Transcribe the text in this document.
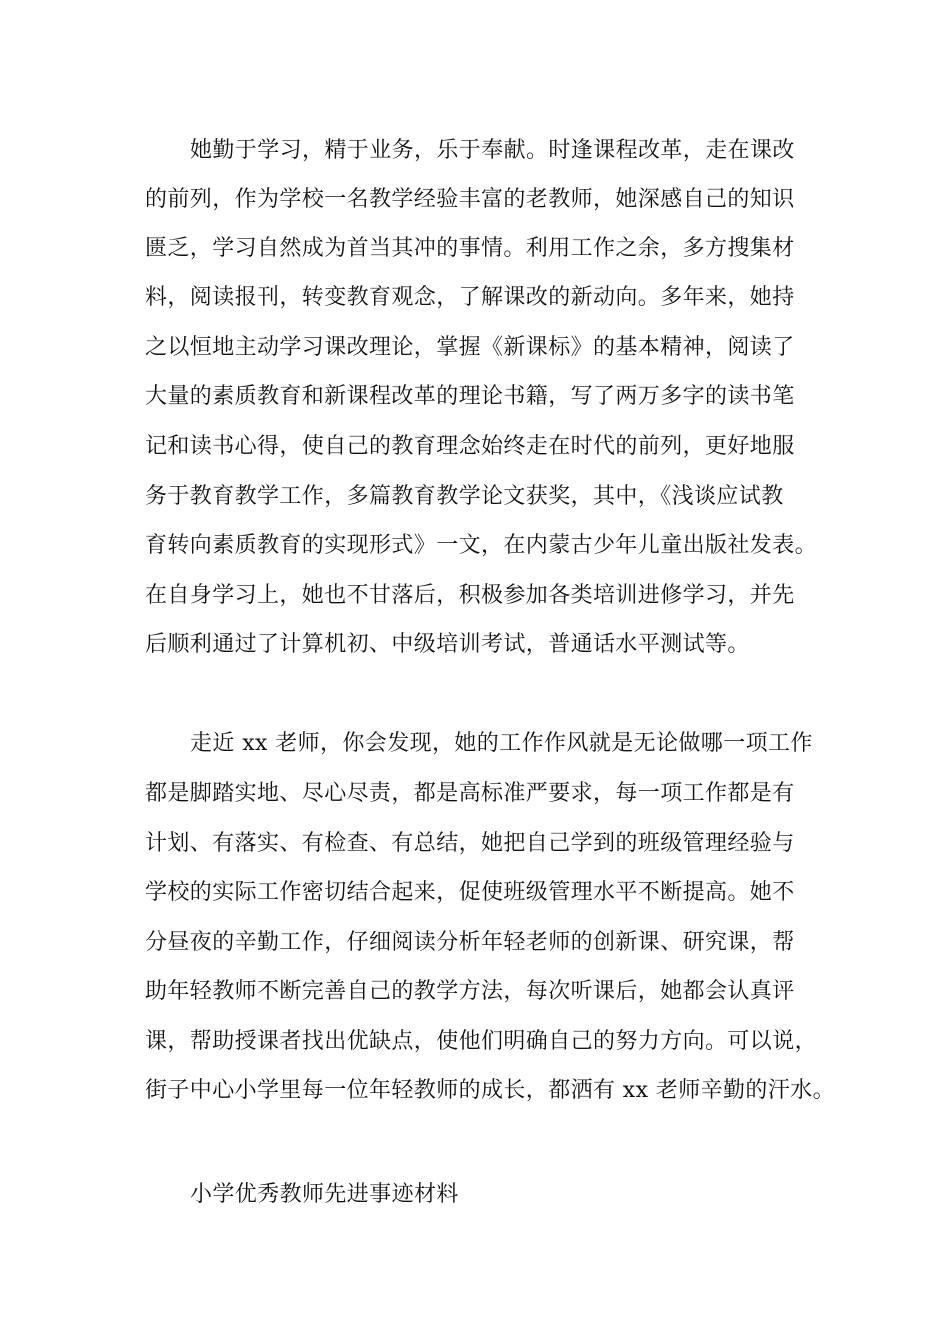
她勤于学习，精于业务，乐于奉献。时逢课程改革，走在课改
的前列，作为学校一名教学经验丰富的老教师，她深感自己的知识
匮乏，学习自然成为首当其冲的事情。利用工作之余，多方搜集材
料，阅读报刊，转变教育观念，了解课改的新动向。多年来，她持
之以恒地主动学习课改理论，掌握《新课标》的基本精神，阅读了
大量的素质教育和新课程改革的理论书籍，写了两万多字的读书笔
记和读书心得，使自己的教育理念始终走在时代的前列，更好地服
务于教育教学工作，多篇教育教学论文获奖，其中，《浅谈应试教
育转向素质教育的实现形式》一文，在内蒙古少年儿童出版社发表。
在自身学习上，她也不甘落后，积极参加各类培训进修学习，并先
后顺利通过了计算机初、中级培训考试，普通话水平测试等。
走近 xx 老师，你会发现，她的工作作风就是无论做哪一项工作
都是脚踏实地、尽心尽责，都是高标准严要求，每一项工作都是有
计划、有落实、有检查、有总结，她把自己学到的班级管理经验与
学校的实际工作密切结合起来，促使班级管理水平不断提高。她不
分昼夜的辛勤工作，仔细阅读分析年轻老师的创新课、研究课，帮
助年轻教师不断完善自己的教学方法，每次听课后，她都会认真评
课，帮助授课者找出优缺点，使他们明确自己的努力方向。可以说，
街子中心小学里每一位年轻教师的成长，都洒有 xx 老师辛勤的汗水。
小学优秀教师先进事迹材料
